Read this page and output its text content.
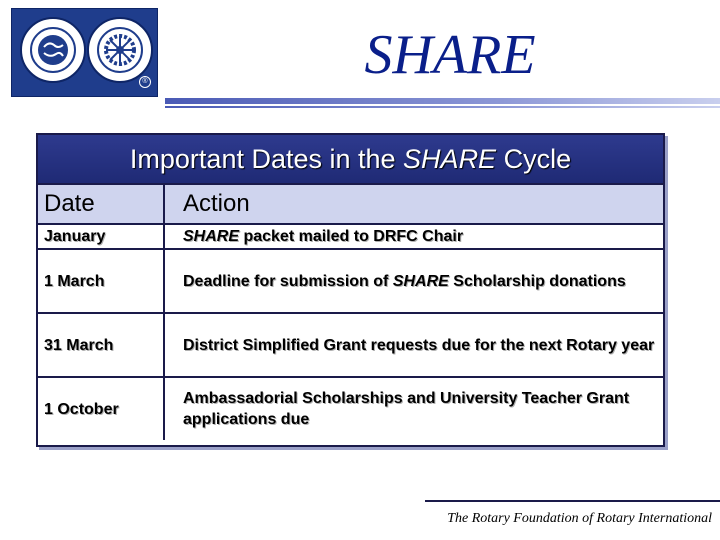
®	SHARE
Important Dates in the SHARE Cycle
Date	Action
January	SHARE packet mailed to DRFC Chair
1 March	Deadline for submission of SHARE Scholarship donations
31 March	District Simplified Grant requests due for the next Rotary year
1 October	Ambassadorial Scholarships and University Teacher Grant applications due
The Rotary Foundation of Rotary International
